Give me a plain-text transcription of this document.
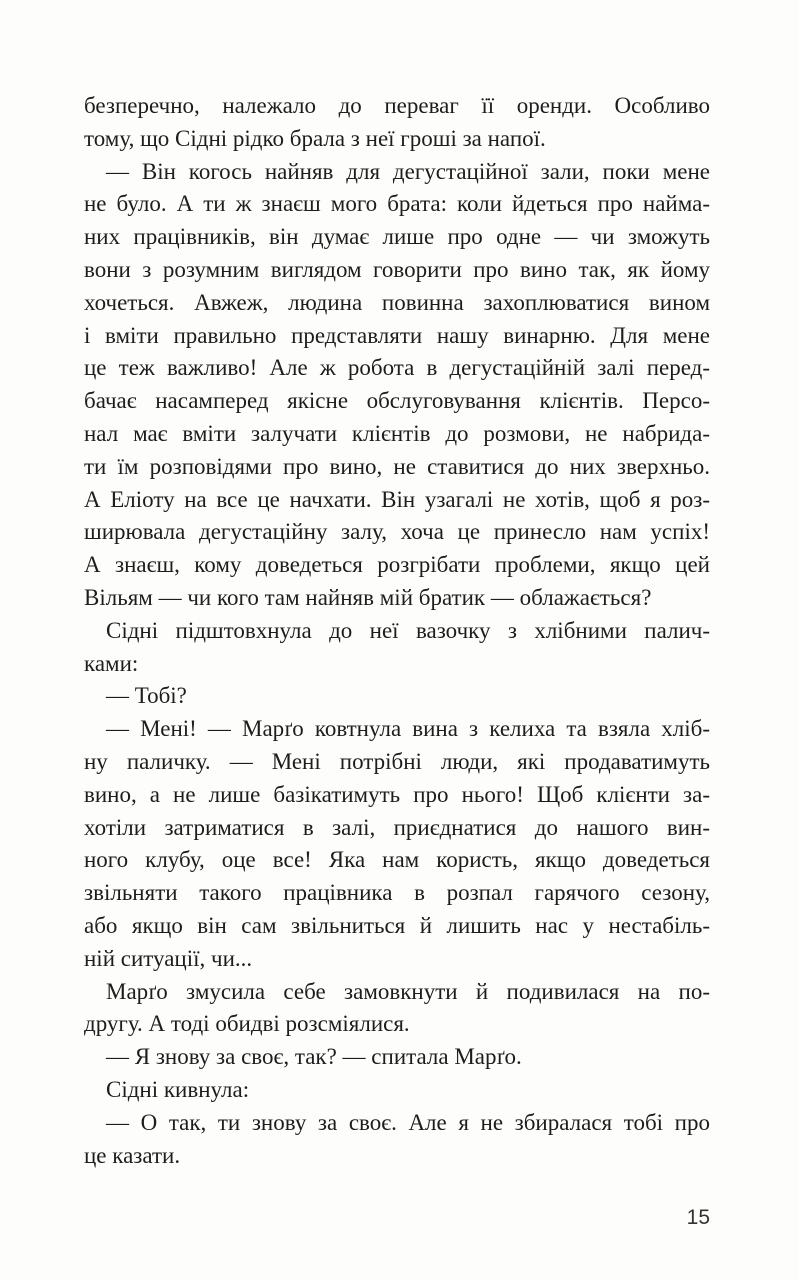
безперечно, належало до переваг її оренди. Особливо
тому, що Сідні рідко брала з неї гроші за напої.
— Він когось найняв для дегустаційної зали, поки мене
не було. А ти ж знаєш мого брата: коли йдеться про найма-
них працівників, він думає лише про одне — чи зможуть
вони з розумним виглядом говорити про вино так, як йому
хочеться. Авжеж, людина повинна захоплюватися вином
і вміти правильно представляти нашу винарню. Для мене
це теж важливо! Але ж робота в дегустаційній залі перед-
бачає насамперед якісне обслуговування клієнтів. Персо-
нал має вміти залучати клієнтів до розмови, не набрида-
ти їм розповідями про вино, не ставитися до них зверхньо.
А Еліоту на все це начхати. Він узагалі не хотів, щоб я роз-
ширювала дегустаційну залу, хоча це принесло нам успіх!
А знаєш, кому доведеться розгрібати проблеми, якщо цей
Вільям — чи кого там найняв мій братик — облажається?
Сідні підштовхнула до неї вазочку з хлібними палич-
ками:
— Тобі?
— Мені! — Марґо ковтнула вина з келиха та взяла хліб-
ну паличку. — Мені потрібні люди, які продаватимуть
вино, а не лише базікатимуть про нього! Щоб клієнти за-
хотіли затриматися в залі, приєднатися до нашого вин-
ного клубу, оце все! Яка нам користь, якщо доведеться
звільняти такого працівника в розпал гарячого сезону,
або якщо він сам звільниться й лишить нас у нестабіль-
ній ситуації, чи...
Марґо змусила себе замовкнути й подивилася на по-
другу. А тоді обидві розсміялися.
— Я знову за своє, так? — спитала Марґо.
Сідні кивнула:
— О так, ти знову за своє. Але я не збиралася тобі про
це казати.
15
